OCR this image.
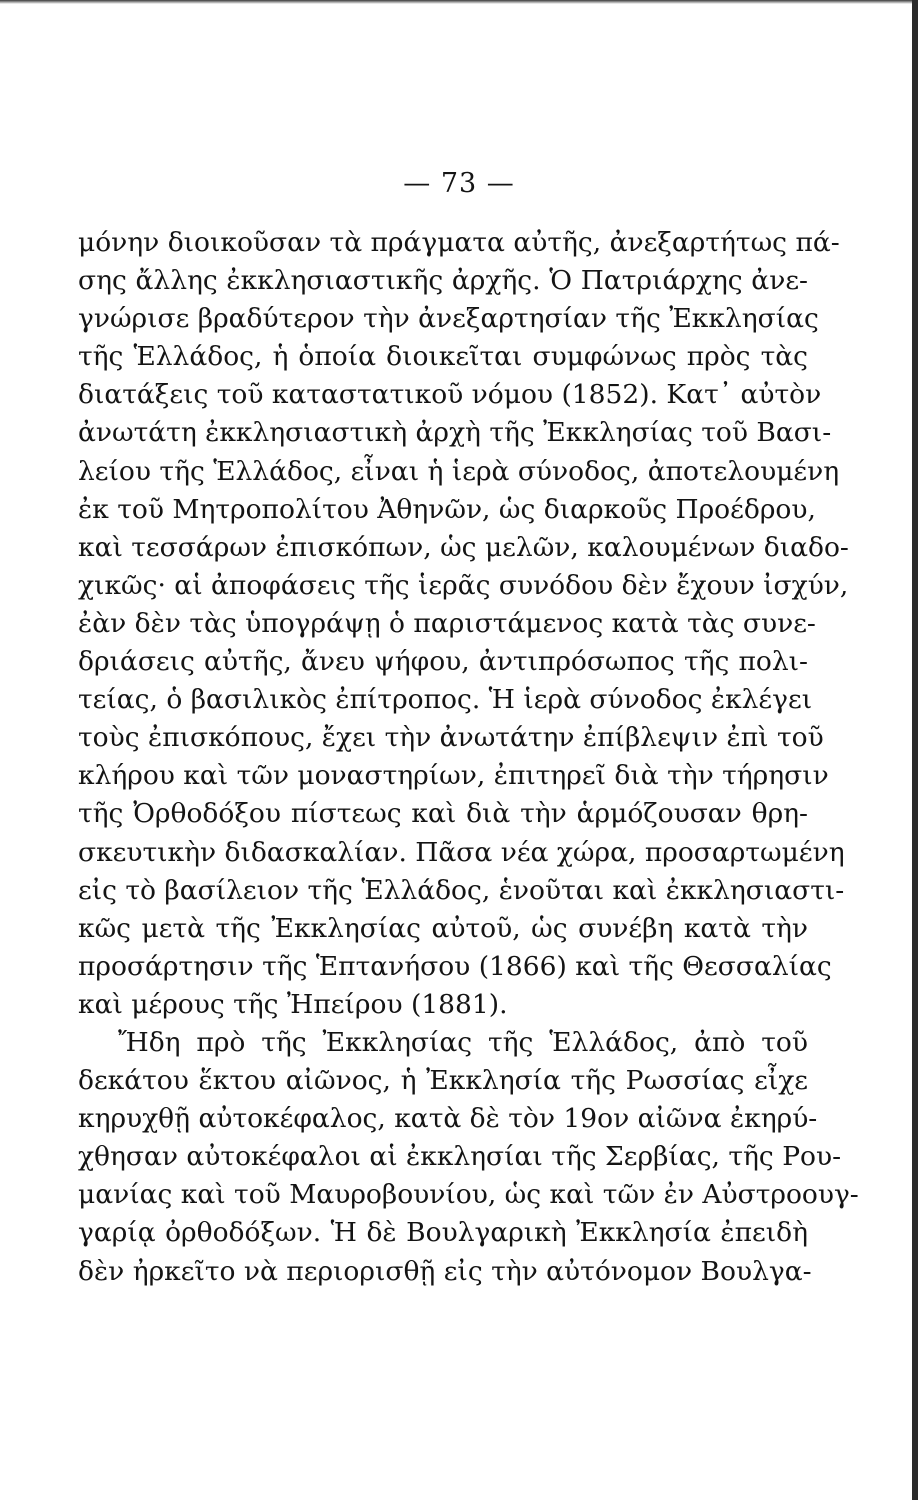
— 73 —
μόνην διοικοῦσαν τὰ πράγματα αὐτῆς, ἀνεξαρτήτως πά-
σης ἄλλης ἐκκλησιαστικῆς ἀρχῆς. Ὁ Πατριάρχης ἀνε-
γνώρισε βραδύτερον τὴν ἀνεξαρτησίαν τῆς Ἐκκλησίας
τῆς Ἑλλάδος, ἡ ὁποία διοικεῖται συμφώνως πρὸς τὰς
διατάξεις τοῦ καταστατικοῦ νόμου (1852). Κατ᾽ αὐτὸν
ἀνωτάτη ἐκκλησιαστικὴ ἀρχὴ τῆς Ἐκκλησίας τοῦ Βασι-
λείου τῆς Ἑλλάδος, εἶναι ἡ ἱερὰ σύνοδος, ἀποτελουμένη
ἐκ τοῦ Μητροπολίτου Ἀθηνῶν, ὡς διαρκοῦς Προέδρου,
καὶ τεσσάρων ἐπισκόπων, ὡς μελῶν, καλουμένων διαδο-
χικῶς· αἱ ἀποφάσεις τῆς ἱερᾶς συνόδου δὲν ἔχουν ἰσχύν,
ἐὰν δὲν τὰς ὑπογράψῃ ὁ παριστάμενος κατὰ τὰς συνε-
δριάσεις αὐτῆς, ἄνευ ψήφου, ἀντιπρόσωπος τῆς πολι-
τείας, ὁ βασιλικὸς ἐπίτροπος. Ἡ ἱερὰ σύνοδος ἐκλέγει
τοὺς ἐπισκόπους, ἔχει τὴν ἀνωτάτην ἐπίβλεψιν ἐπὶ τοῦ
κλήρου καὶ τῶν μοναστηρίων, ἐπιτηρεῖ διὰ τὴν τήρησιν
τῆς Ὀρθοδόξου πίστεως καὶ διὰ τὴν ἁρμόζουσαν θρη-
σκευτικὴν διδασκαλίαν. Πᾶσα νέα χώρα, προσαρτωμένη
εἰς τὸ βασίλειον τῆς Ἑλλάδος, ἑνοῦται καὶ ἐκκλησιαστι-
κῶς μετὰ τῆς Ἐκκλησίας αὐτοῦ, ὡς συνέβη κατὰ τὴν
προσάρτησιν τῆς Ἑπτανήσου (1866) καὶ τῆς Θεσσαλίας
καὶ μέρους τῆς Ἠπείρου (1881).
Ἤδη πρὸ τῆς Ἐκκλησίας τῆς Ἑλλάδος, ἀπὸ τοῦ
δεκάτου ἕκτου αἰῶνος, ἡ Ἐκκλησία τῆς Ρωσσίας εἶχε
κηρυχθῇ αὐτοκέφαλος, κατὰ δὲ τὸν 19ον αἰῶνα ἐκηρύ-
χθησαν αὐτοκέφαλοι αἱ ἐκκλησίαι τῆς Σερβίας, τῆς Ρου-
μανίας καὶ τοῦ Μαυροβουνίου, ὡς καὶ τῶν ἐν Αὐστροουγ-
γαρίᾳ ὀρθοδόξων. Ἡ δὲ Βουλγαρικὴ Ἐκκλησία ἐπειδὴ
δὲν ἠρκεῖτο νὰ περιορισθῇ εἰς τὴν αὐτόνομον Βουλγα-
